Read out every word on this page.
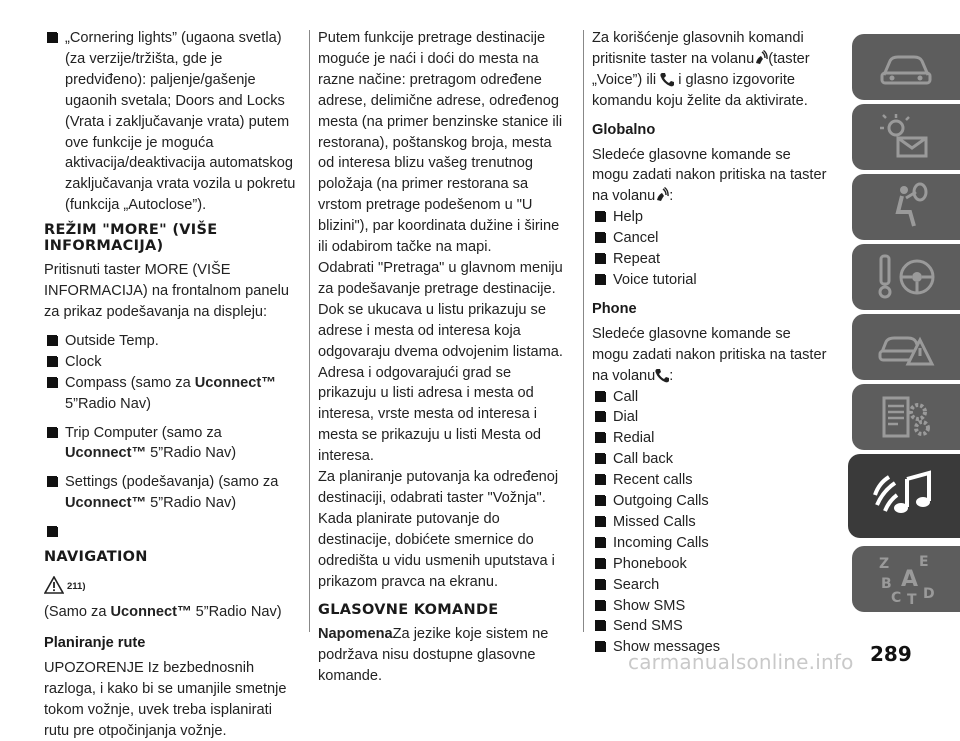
„Cornering lights” (ugaona svetla) (za verzije/tržišta, gde je predviđeno): paljenje/gašenje ugaonih svetala; Doors and Locks (Vrata i zaključavanje vrata) putem ove funkcije je moguća aktivacija/deaktivacija automatskog zaključavanja vrata vozila u pokretu (funkcija „Autoclose”).
REŽIM "MORE" (VIŠE INFORMACIJA)

Pritisnuti taster MORE (VIŠE INFORMACIJA) na frontalnom panelu za prikaz podešavanja na displeju:

Outside Temp.
Clock
Compass (samo za Uconnect™
5”Radio Nav)
Trip Computer (samo za
Uconnect™ 5”Radio Nav)
Settings (podešavanja) (samo za
Uconnect™ 5”Radio Nav)
NAVIGATION
211)

(Samo za Uconnect™ 5”Radio Nav)

Planiranje rute

UPOZORENJE Iz bezbednosnih razloga, i kako bi se umanjile smetnje tokom vožnje, uvek treba isplanirati rutu pre otpočinjanja vožnje.

Putem funkcije pretrage destinacije moguće je naći i doći do mesta na razne načine: pretragom određene adrese, delimične adrese, određenog mesta (na primer benzinske stanice ili restorana), poštanskog broja, mesta od interesa blizu vašeg trenutnog položaja (na primer restorana sa vrstom pretrage podešenom u "U blizini"), par koordinata dužine i širine ili odabirom tačke na mapi.

Odabrati "Pretraga" u glavnom meniju za podešavanje pretrage destinacije. Dok se ukucava u listu prikazuju se adrese i mesta od interesa koja odgovaraju dvema odvojenim listama. Adresa i odgovarajući grad se prikazuju u listi adresa i mesta od interesa, vrste mesta od interesa i mesta se prikazuju u listi Mesta od interesa.

Za planiranje putovanja ka određenoj destinaciji, odabrati taster "Vožnja". Kada planirate putovanje do destinacije, dobićete smernice do odredišta u vidu usmenih uputstava i prikazom pravca na ekranu.

GLASOVNE KOMANDE

NapomenaZa jezike koje sistem ne podržava nisu dostupne glasovne komande.

Za korišćenje glasovnih komandi pritisnite taster na volanu (taster „Voice”) ili i glasno izgovorite komandu koju želite da aktivirate.

Globalno

Sledeće glasovne komande se mogu zadati nakon pritiska na taster na volanu :

Help
Cancel
Repeat
Voice tutorial
Phone

Sledeće glasovne komande se mogu zadati nakon pritiska na taster na volanu :

Call
Dial
Redial
Call back
Recent calls
Outgoing Calls
Missed Calls
Incoming Calls
Phonebook
Search
Show SMS
Send SMS
Show messages
Z E
B A
C T D
carmanualsonline.info 289
